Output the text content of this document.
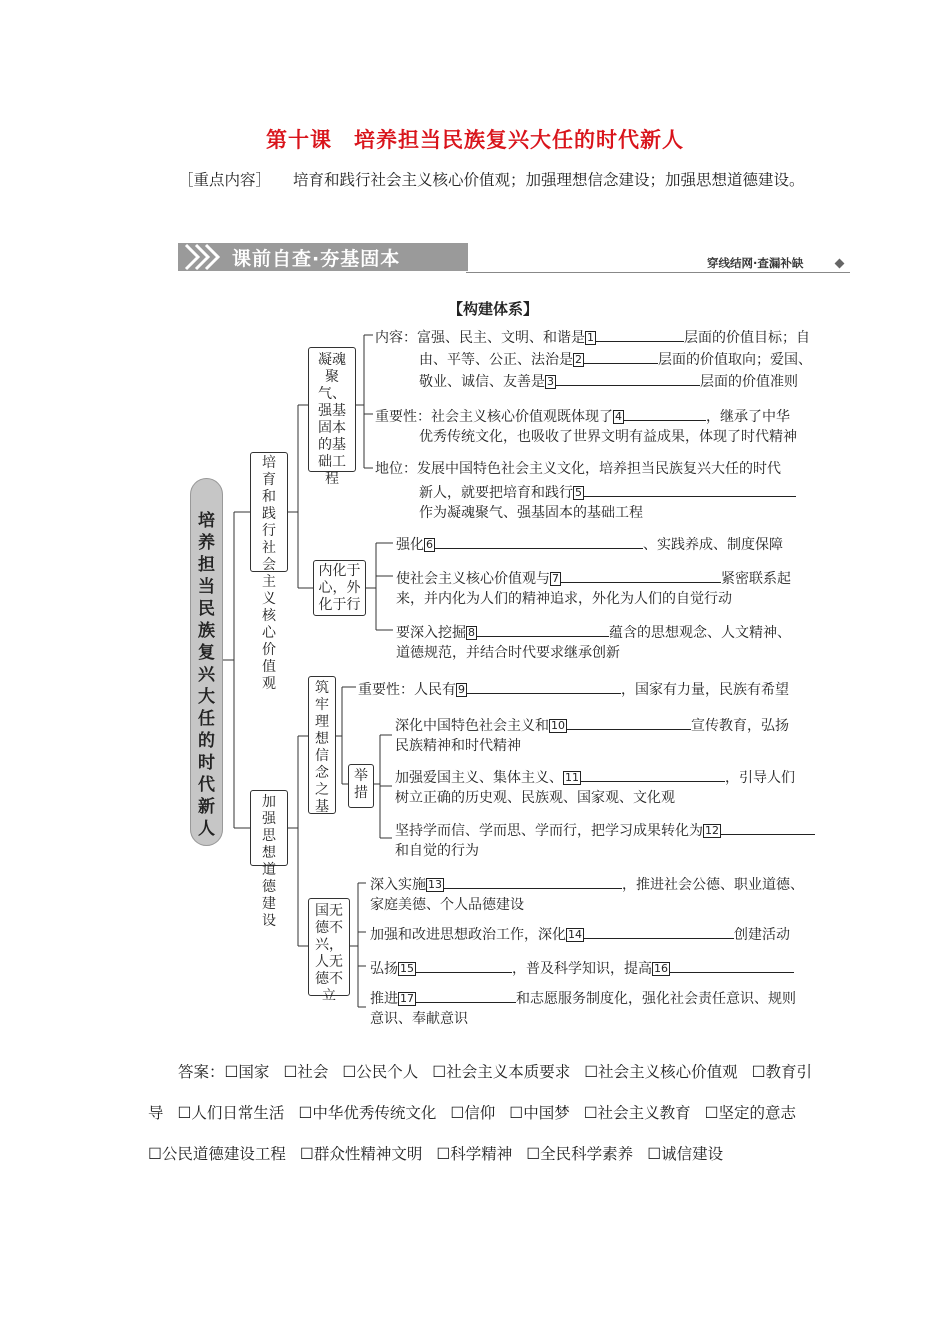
第十课　培养担当民族复兴大任的时代新人
［重点内容］ 培育和践行社会主义核心价值观；加强理想信念建设；加强思想道德建设。
课前自查·夯基固本	穿线结网·查漏补缺
【构建体系】
培养担当民族复兴大任的时代新人
培育和践行社会主义核心价值观
加强思想道德建设
凝魂聚气、强基固本的基础工程
内化于心，外化于行
筑牢理想信念之基
举措
国无德不兴，人无德不立
内容：富强、民主、文明、和谐是 1	层面的价值目标；自
由、平等、公正、法治是 2	层面的价值取向；爱国、
敬业、诚信、友善是 3	层面的价值准则
重要性：社会主义核心价值观既体现了 4	，继承了中华
优秀传统文化，也吸收了世界文明有益成果，体现了时代精神
地位：发展中国特色社会主义文化，培养担当民族复兴大任的时代
新人，就要把培育和践行 5
作为凝魂聚气、强基固本的基础工程
强化 6	、实践养成、制度保障
使社会主义核心价值观与 7	紧密联系起
来，并内化为人们的精神追求，外化为人们的自觉行动
要深入挖掘 8	蕴含的思想观念、人文精神、
道德规范，并结合时代要求继承创新
重要性：人民有 9	，国家有力量，民族有希望
深化中国特色社会主义和 10	宣传教育，弘扬
民族精神和时代精神
加强爱国主义、集体主义、 11	，引导人们
树立正确的历史观、民族观、国家观、文化观
坚持学而信、学而思、学而行，把学习成果转化为 12
和自觉的行为
深入实施 13	，推进社会公德、职业道德、
家庭美德、个人品德建设
加强和改进思想政治工作，深化 14	创建活动
弘扬 15	，普及科学知识，提高 16
推进 17	和志愿服务制度化，强化社会责任意识、规则
意识、奉献意识
答案：☐国家 ☐社会 ☐公民个人 ☐社会主义本质要求 ☐社会主义核心价值观 ☐教育引导 ☐人们日常生活 ☐中华优秀传统文化 ☐信仰 ☐中国梦 ☐社会主义教育 ☐坚定的意志☐公民道德建设工程 ☐群众性精神文明 ☐科学精神 ☐全民科学素养 ☐诚信建设
